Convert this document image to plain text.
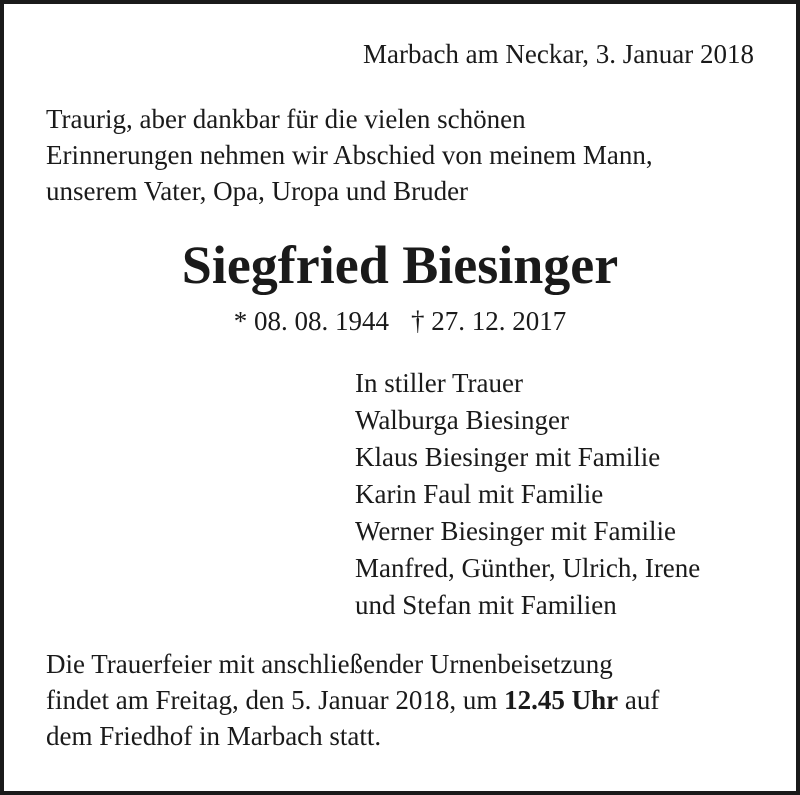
Marbach am Neckar, 3. Januar 2018

Traurig, aber dankbar für die vielen schönen
Erinnerungen nehmen wir Abschied von meinem Mann,
unserem Vater, Opa, Uropa und Bruder
Siegfried Biesinger
* 08. 08. 1944 † 27. 12. 2017
In stiller Trauer
Walburga Biesinger
Klaus Biesinger mit Familie
Karin Faul mit Familie
Werner Biesinger mit Familie
Manfred, Günther, Ulrich, Irene
und Stefan mit Familien
Die Trauerfeier mit anschließender Urnenbeisetzung
findet am Freitag, den 5. Januar 2018, um 12.45 Uhr auf
dem Friedhof in Marbach statt.
